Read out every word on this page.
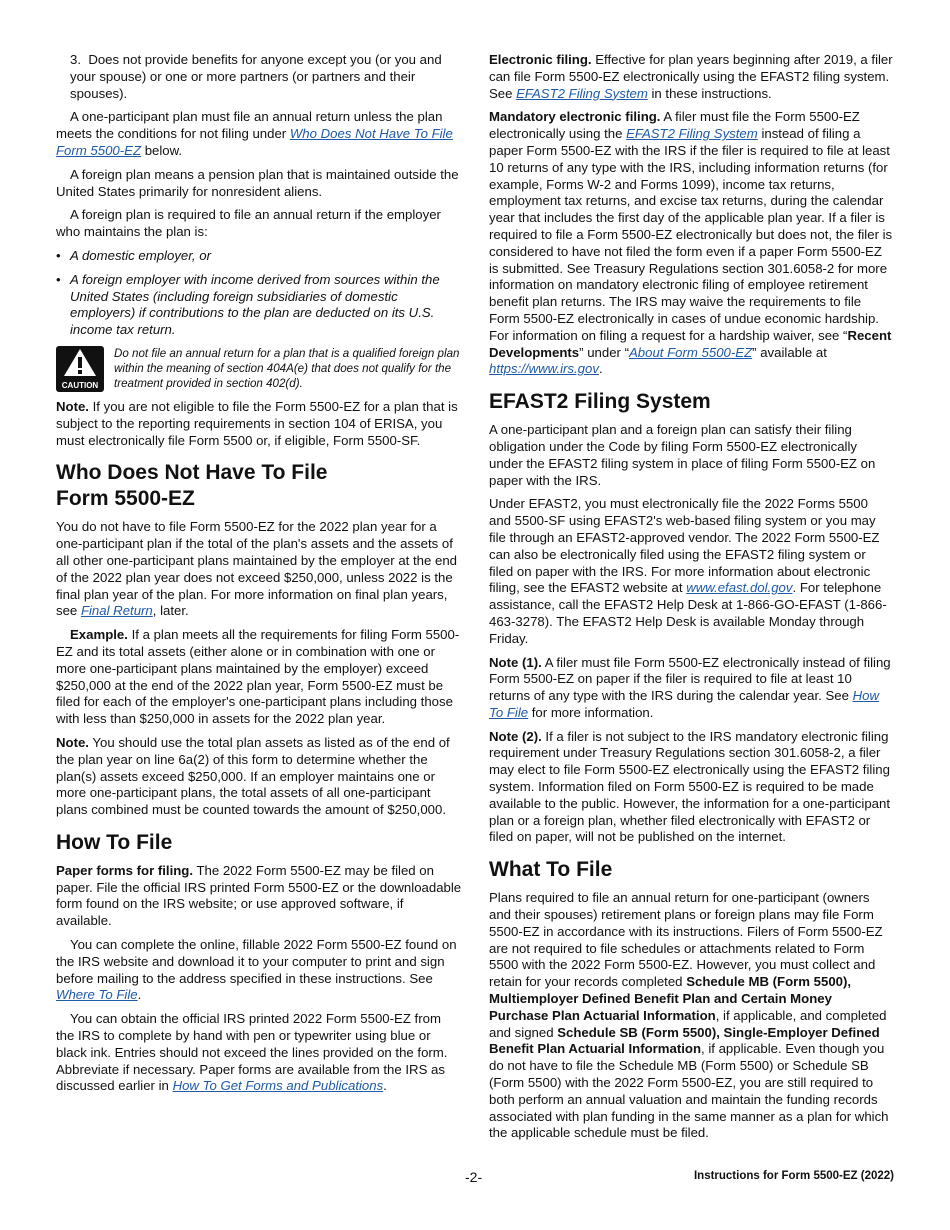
3.  Does not provide benefits for anyone except you (or you and your spouse) or one or more partners (or partners and their spouses).

A one-participant plan must file an annual return unless the plan meets the conditions for not filing under Who Does Not Have To File Form 5500-EZ below.

A foreign plan means a pension plan that is maintained outside the United States primarily for nonresident aliens.

A foreign plan is required to file an annual return if the employer who maintains the plan is:

• A domestic employer, or
• A foreign employer with income derived from sources within the United States (including foreign subsidiaries of domestic employers) if contributions to the plan are deducted on its U.S. income tax return.
CAUTION
Do not file an annual return for a plan that is a qualified foreign plan within the meaning of section 404A(e) that does not qualify for the treatment provided in section 402(d).

Note. If you are not eligible to file the Form 5500-EZ for a plan that is subject to the reporting requirements in section 104 of ERISA, you must electronically file Form 5500 or, if eligible, Form 5500-SF.

Who Does Not Have To File
Form 5500-EZ

You do not have to file Form 5500-EZ for the 2022 plan year for a one-participant plan if the total of the plan's assets and the assets of all other one-participant plans maintained by the employer at the end of the 2022 plan year does not exceed $250,000, unless 2022 is the final plan year of the plan. For more information on final plan years, see Final Return, later.

Example. If a plan meets all the requirements for filing Form 5500-EZ and its total assets (either alone or in combination with one or more one-participant plans maintained by the employer) exceed $250,000 at the end of the 2022 plan year, Form 5500-EZ must be filed for each of the employer's one-participant plans including those with less than $250,000 in assets for the 2022 plan year.

Note. You should use the total plan assets as listed as of the end of the plan year on line 6a(2) of this form to determine whether the plan(s) assets exceed $250,000. If an employer maintains one or more one-participant plans, the total assets of all one-participant plans combined must be counted towards the amount of $250,000.

How To File

Paper forms for filing. The 2022 Form 5500-EZ may be filed on paper. File the official IRS printed Form 5500-EZ or the downloadable form found on the IRS website; or use approved software, if available.

You can complete the online, fillable 2022 Form 5500-EZ found on the IRS website and download it to your computer to print and sign before mailing to the address specified in these instructions. See Where To File.

You can obtain the official IRS printed 2022 Form 5500-EZ from the IRS to complete by hand with pen or typewriter using blue or black ink. Entries should not exceed the lines provided on the form. Abbreviate if necessary. Paper forms are available from the IRS as discussed earlier in How To Get Forms and Publications.

Electronic filing. Effective for plan years beginning after 2019, a filer can file Form 5500-EZ electronically using the EFAST2 filing system. See EFAST2 Filing System in these instructions.

Mandatory electronic filing. A filer must file the Form 5500-EZ electronically using the EFAST2 Filing System instead of filing a paper Form 5500-EZ with the IRS if the filer is required to file at least 10 returns of any type with the IRS, including information returns (for example, Forms W-2 and Forms 1099), income tax returns, employment tax returns, and excise tax returns, during the calendar year that includes the first day of the applicable plan year. If a filer is required to file a Form 5500-EZ electronically but does not, the filer is considered to have not filed the form even if a paper Form 5500-EZ is submitted. See Treasury Regulations section 301.6058-2 for more information on mandatory electronic filing of employee retirement benefit plan returns. The IRS may waive the requirements to file Form 5500-EZ electronically in cases of undue economic hardship. For information on filing a request for a hardship waiver, see “Recent Developments” under “About Form 5500-EZ” available at https://www.irs.gov.

EFAST2 Filing System

A one-participant plan and a foreign plan can satisfy their filing obligation under the Code by filing Form 5500-EZ electronically under the EFAST2 filing system in place of filing Form 5500-EZ on paper with the IRS.

Under EFAST2, you must electronically file the 2022 Forms 5500 and 5500-SF using EFAST2's web-based filing system or you may file through an EFAST2-approved vendor. The 2022 Form 5500-EZ can also be electronically filed using the EFAST2 filing system or filed on paper with the IRS. For more information about electronic filing, see the EFAST2 website at www.efast.dol.gov. For telephone assistance, call the EFAST2 Help Desk at 1-866-GO-EFAST (1-866-463-3278). The EFAST2 Help Desk is available Monday through Friday.

Note (1). A filer must file Form 5500-EZ electronically instead of filing Form 5500-EZ on paper if the filer is required to file at least 10 returns of any type with the IRS during the calendar year. See How To File for more information.

Note (2). If a filer is not subject to the IRS mandatory electronic filing requirement under Treasury Regulations section 301.6058-2, a filer may elect to file Form 5500-EZ electronically using the EFAST2 filing system. Information filed on Form 5500-EZ is required to be made available to the public. However, the information for a one-participant plan or a foreign plan, whether filed electronically with EFAST2 or filed on paper, will not be published on the internet.

What To File

Plans required to file an annual return for one-participant (owners and their spouses) retirement plans or foreign plans may file Form 5500-EZ in accordance with its instructions. Filers of Form 5500-EZ are not required to file schedules or attachments related to Form 5500 with the 2022 Form 5500-EZ. However, you must collect and retain for your records completed Schedule MB (Form 5500), Multiemployer Defined Benefit Plan and Certain Money Purchase Plan Actuarial Information, if applicable, and completed and signed Schedule SB (Form 5500), Single-Employer Defined Benefit Plan Actuarial Information, if applicable. Even though you do not have to file the Schedule MB (Form 5500) or Schedule SB (Form 5500) with the 2022 Form 5500-EZ, you are still required to both perform an annual valuation and maintain the funding records associated with plan funding in the same manner as a plan for which the applicable schedule must be filed.

-2-	Instructions for Form 5500-EZ (2022)
